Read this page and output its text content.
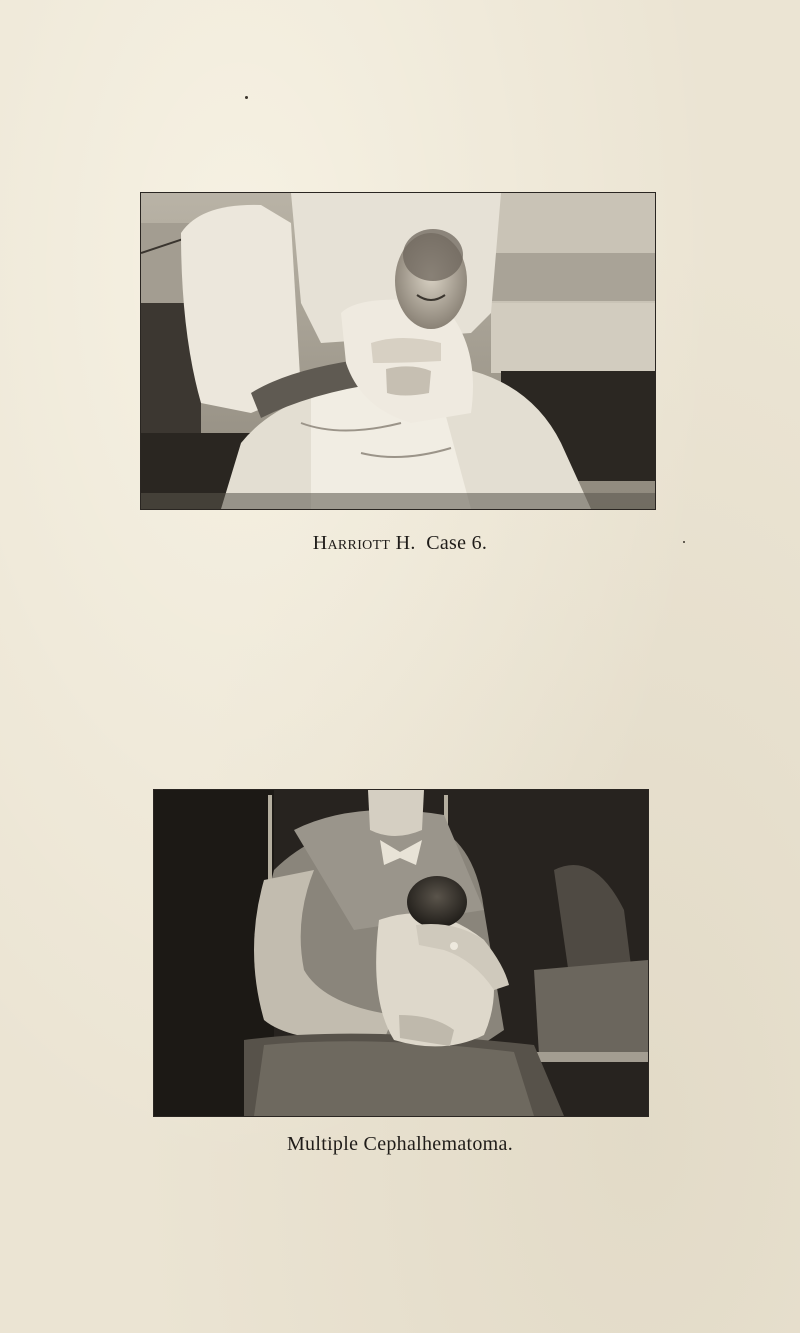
Harriott H. Case 6.
Multiple Cephalhematoma.
